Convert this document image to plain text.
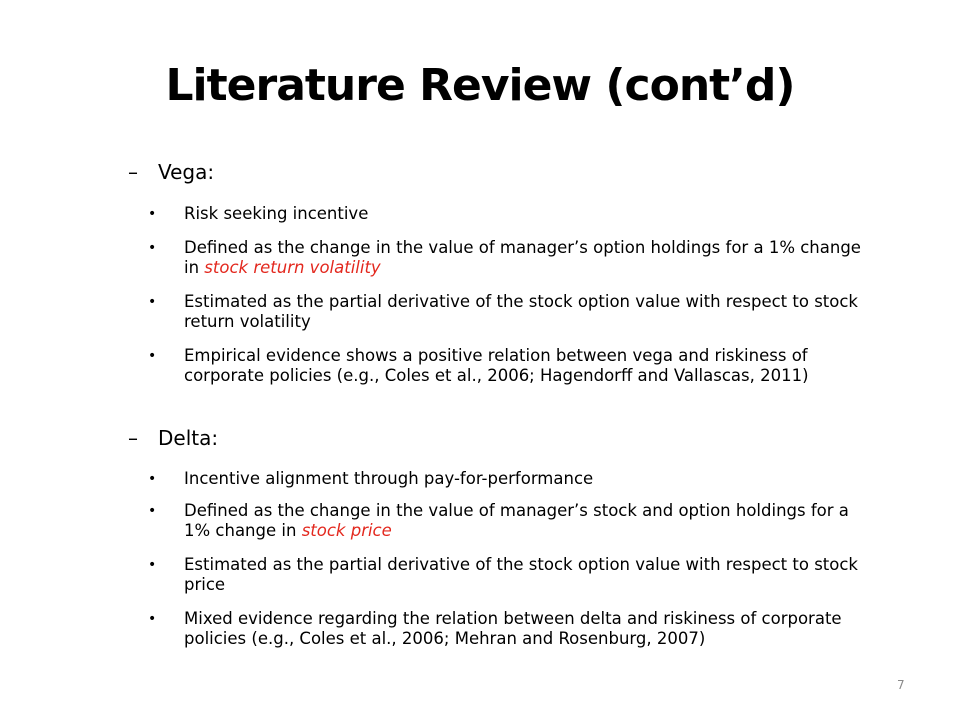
Literature Review (cont’d)
– Vega:
• Risk seeking incentive
• Defined as the change in the value of manager’s option holdings for a 1% change in stock return volatility
• Estimated as the partial derivative of the stock option value with respect to stock return volatility
• Empirical evidence shows a positive relation between vega and riskiness of corporate policies (e.g., Coles et al., 2006; Hagendorff and Vallascas, 2011)
– Delta:
• Incentive alignment through pay-for-performance
• Defined as the change in the value of manager’s stock and option holdings for a 1% change in stock price
• Estimated as the partial derivative of the stock option value with respect to stock price
• Mixed evidence regarding the relation between delta and riskiness of corporate policies (e.g., Coles et al., 2006; Mehran and Rosenburg, 2007)
7
